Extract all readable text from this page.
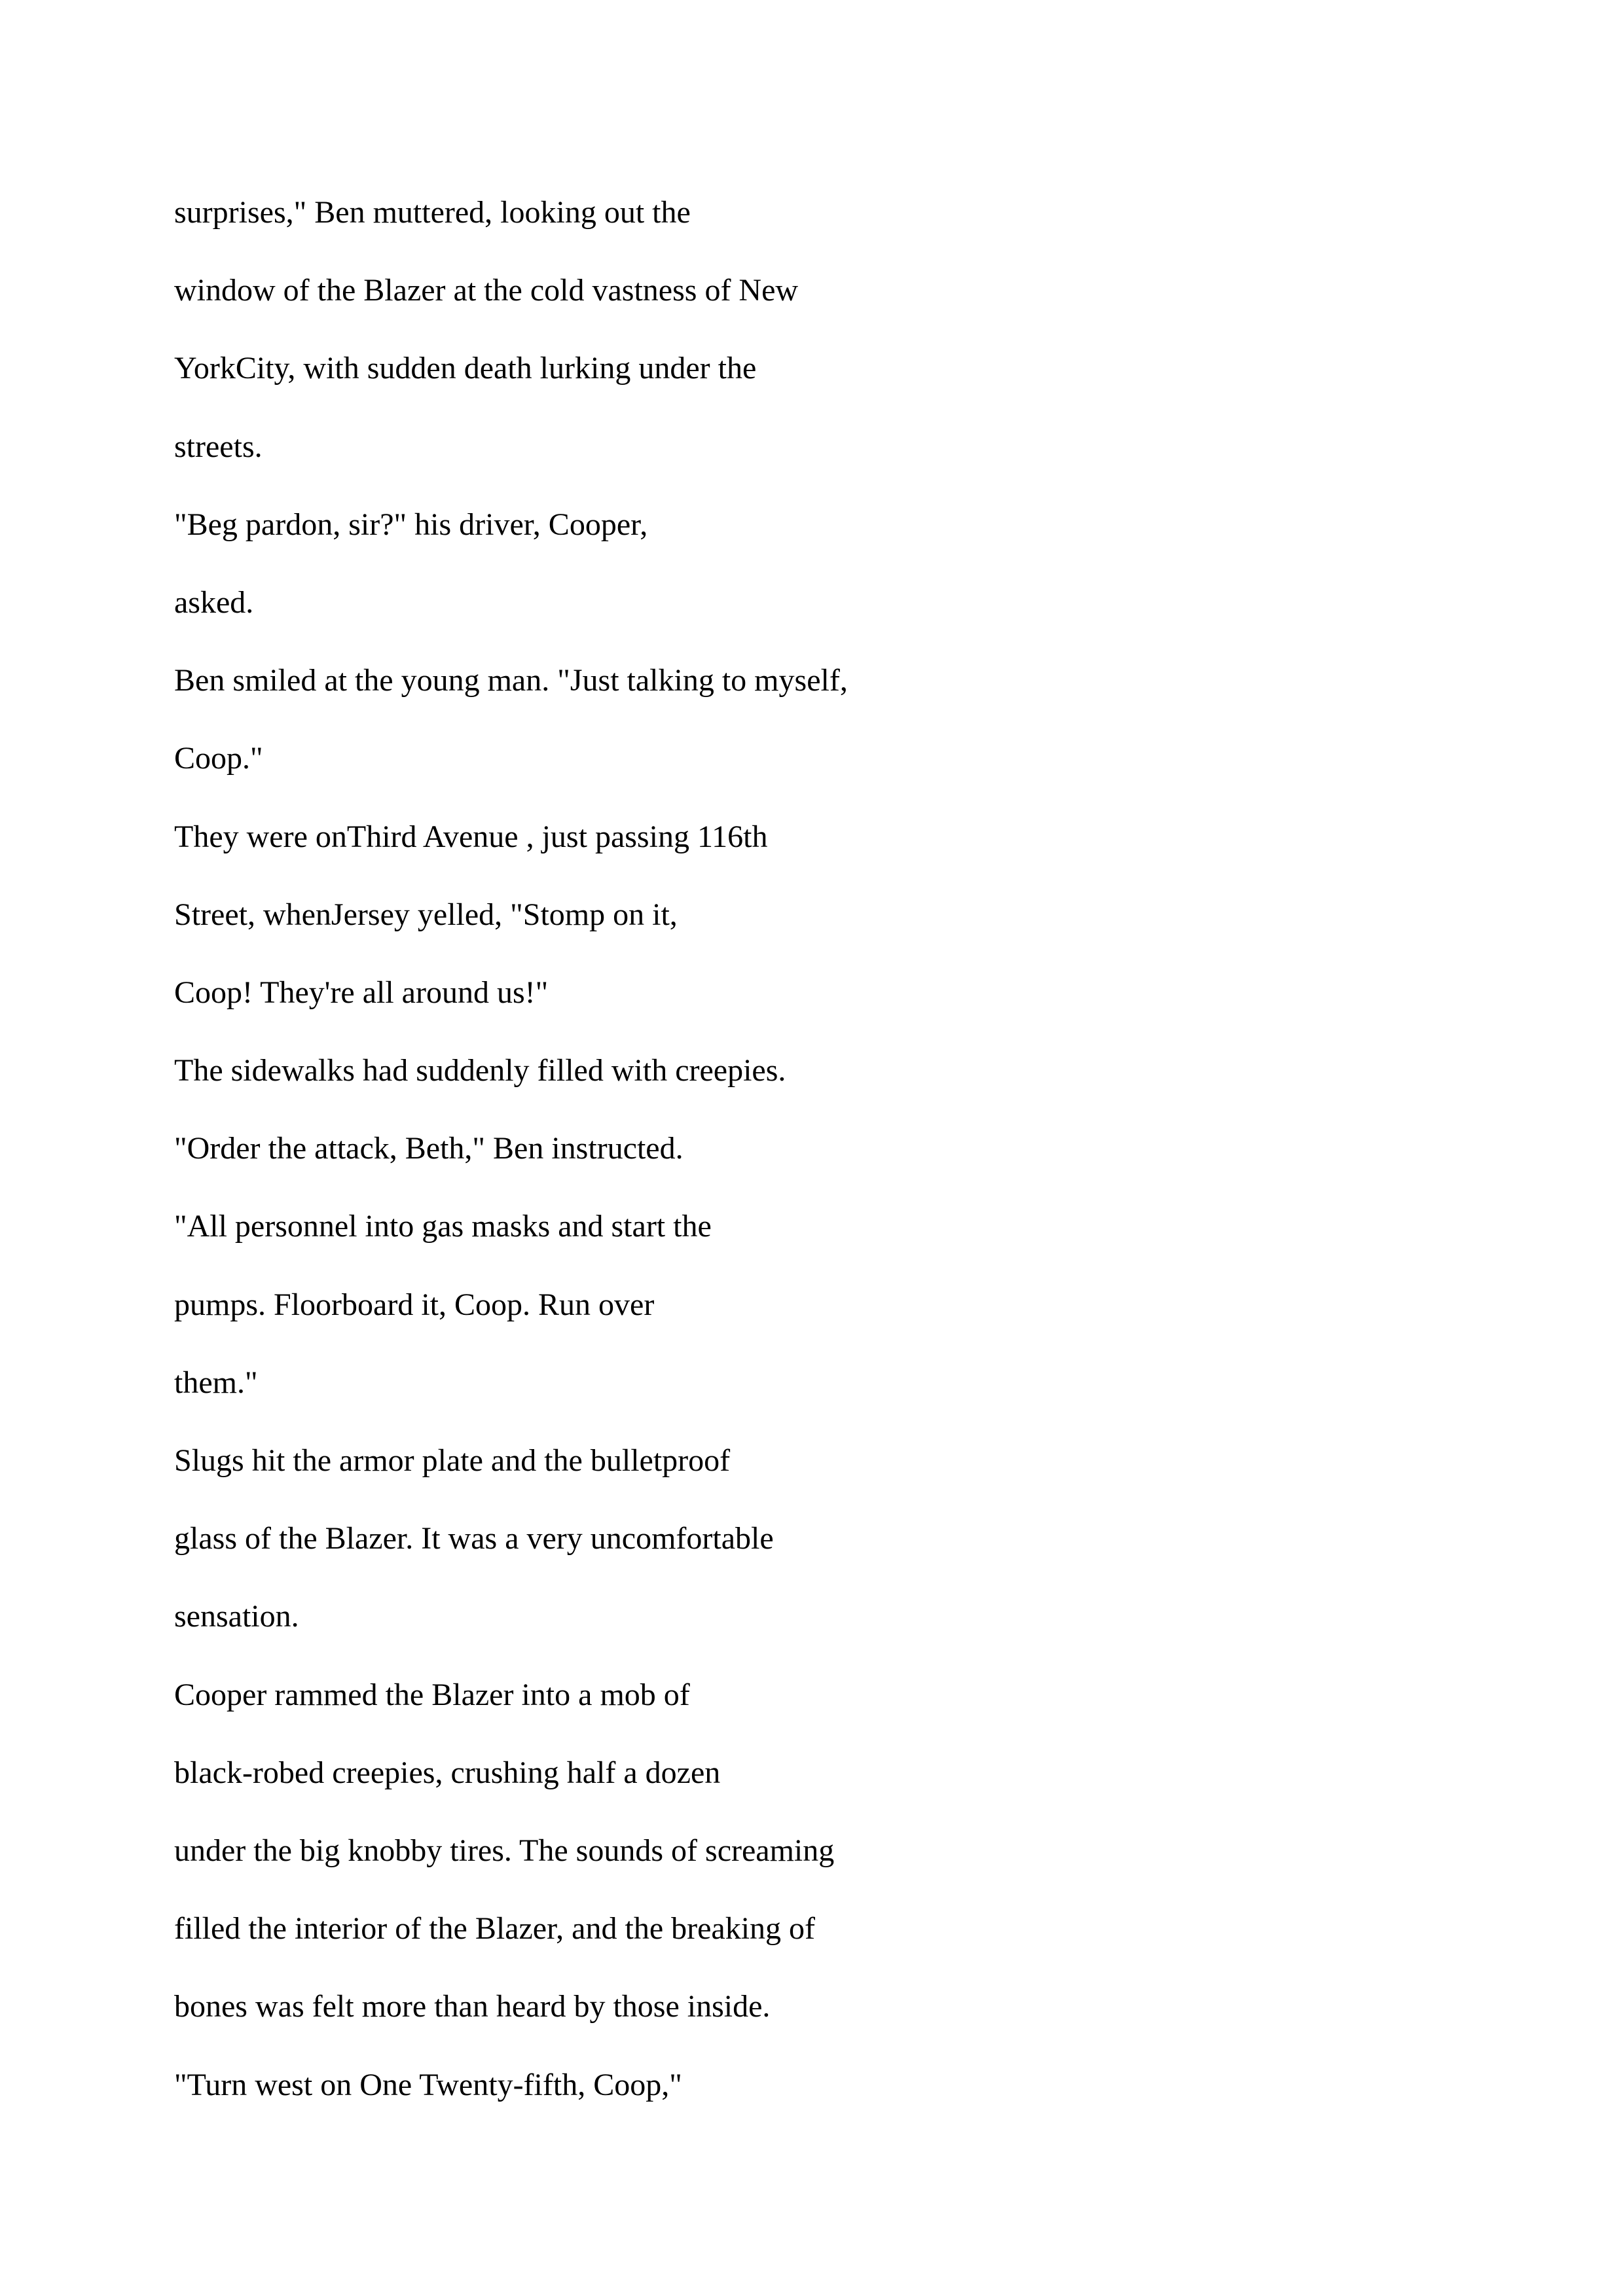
surprises," Ben muttered, looking out the
window of the Blazer at the cold vastness of New
YorkCity, with sudden death lurking under the
streets.
"Beg pardon, sir?" his driver, Cooper,
asked.
Ben smiled at the young man. "Just talking to myself,
Coop."
They were onThird Avenue , just passing 116th
Street, whenJersey yelled, "Stomp on it,
Coop! They're all around us!"
The sidewalks had suddenly filled with creepies.
"Order the attack, Beth," Ben instructed.
"All personnel into gas masks and start the
pumps. Floorboard it, Coop. Run over
them."
Slugs hit the armor plate and the bulletproof
glass of the Blazer. It was a very uncomfortable
sensation.
Cooper rammed the Blazer into a mob of
black-robed creepies, crushing half a dozen
under the big knobby tires. The sounds of screaming
filled the interior of the Blazer, and the breaking of
bones was felt more than heard by those inside.
"Turn west on One Twenty-fifth, Coop,"
